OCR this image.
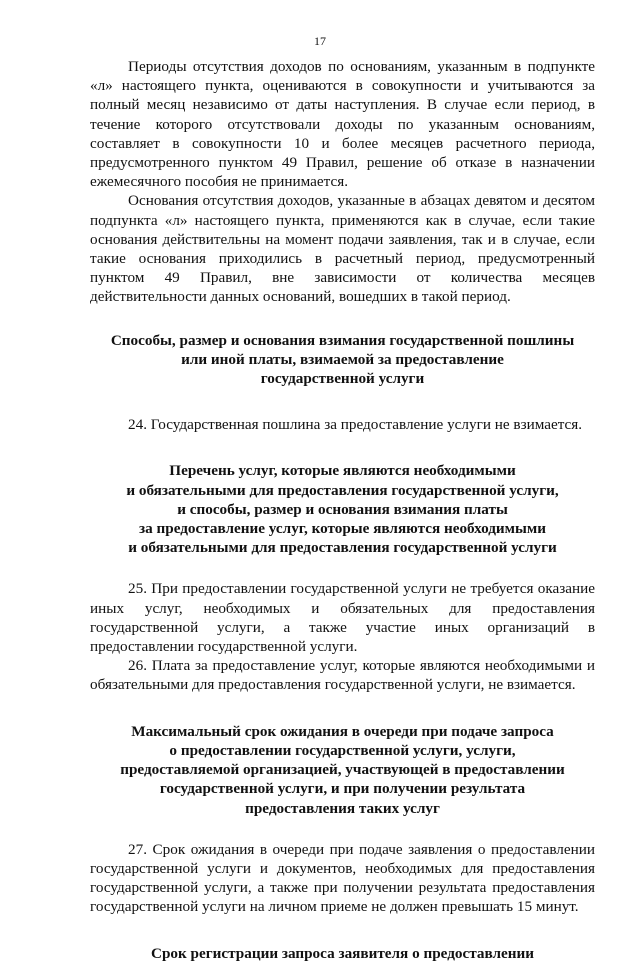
17

Периоды отсутствия доходов по основаниям, указанным в подпункте «л» настоящего пункта, оцениваются в совокупности и учитываются за полный месяц независимо от даты наступления. В случае если период, в течение которого отсутствовали доходы по указанным основаниям, составляет в совокупности 10 и более месяцев расчетного периода, предусмотренного пунктом 49 Правил, решение об отказе в назначении ежемесячного пособия не принимается.

Основания отсутствия доходов, указанные в абзацах девятом и десятом подпункта «л» настоящего пункта, применяются как в случае, если такие основания действительны на момент подачи заявления, так и в случае, если такие основания приходились в расчетный период, предусмотренный пунктом 49 Правил, вне зависимости от количества месяцев действительности данных оснований, вошедших в такой период.

Способы, размер и основания взимания государственной пошлины
или иной платы, взимаемой за предоставление
государственной услуги

24. Государственная пошлина за предоставление услуги не взимается.

Перечень услуг, которые являются необходимыми
и обязательными для предоставления государственной услуги,
и способы, размер и основания взимания платы
за предоставление услуг, которые являются необходимыми
и обязательными для предоставления государственной услуги

25. При предоставлении государственной услуги не требуется оказание иных услуг, необходимых и обязательных для предоставления государственной услуги, а также участие иных организаций в предоставлении государственной услуги.

26. Плата за предоставление услуг, которые являются необходимыми и обязательными для предоставления государственной услуги, не взимается.

Максимальный срок ожидания в очереди при подаче запроса
о предоставлении государственной услуги, услуги,
предоставляемой организацией, участвующей в предоставлении
государственной услуги, и при получении результата
предоставления таких услуг

27. Срок ожидания в очереди при подаче заявления о предоставлении государственной услуги и документов, необходимых для предоставления государственной услуги, а также при получении результата предоставления государственной услуги на личном приеме не должен превышать 15 минут.

Срок регистрации запроса заявителя о предоставлении
